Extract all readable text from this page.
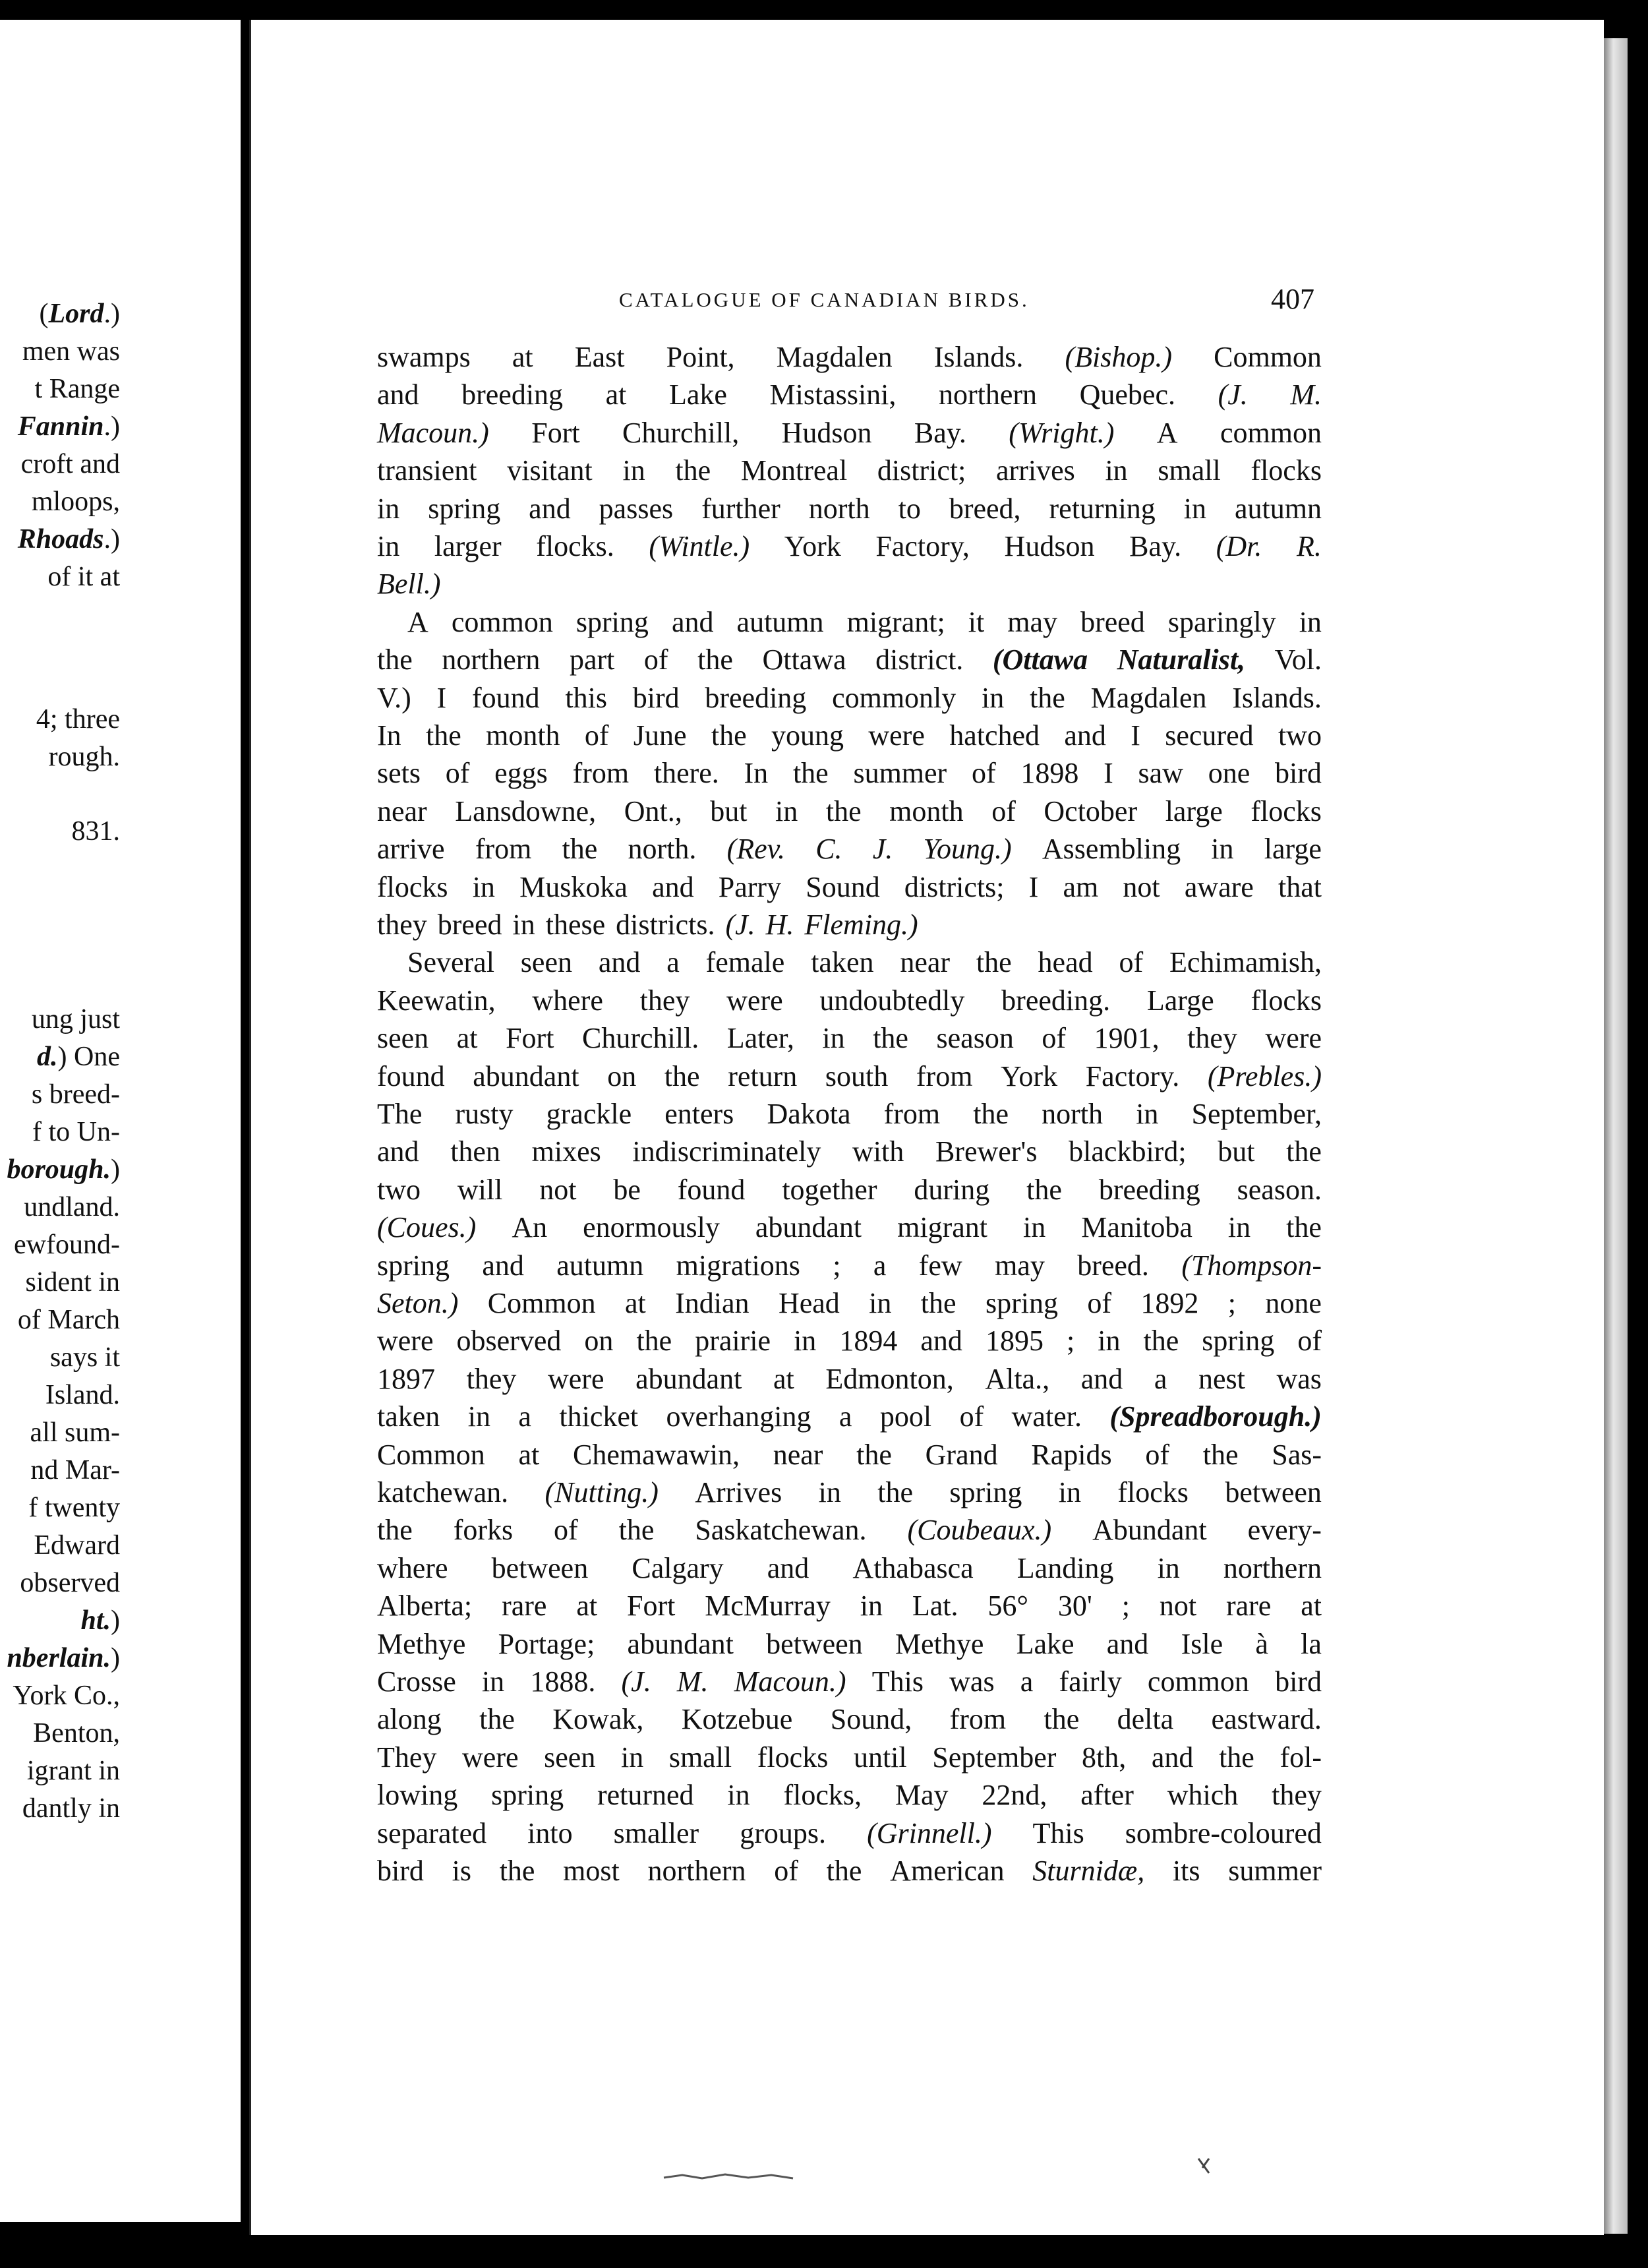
(Lord.)
men was
t Range
Fannin.)
croft and
mloops,
Rhoads.)
of it at
4; three
rough.
831.
ung just
d.) One
s breed-
f to Un-
borough.)
undland.
ewfound-
sident in
of March
says it
Island.
all sum-
nd Mar-
f twenty
Edward
observed
ht.)
nberlain.)
York Co.,
Benton,
igrant in
dantly in
CATALOGUE OF CANADIAN BIRDS.	407
swamps at East Point, Magdalen Islands. (Bishop.) Common
and breeding at Lake Mistassini, northern Quebec. (J. M.
Macoun.) Fort Churchill, Hudson Bay. (Wright.) A common
transient visitant in the Montreal district; arrives in small flocks
in spring and passes further north to breed, returning in autumn
in larger flocks. (Wintle.) York Factory, Hudson Bay. (Dr. R.
Bell.)
A common spring and autumn migrant; it may breed sparingly in
the northern part of the Ottawa district. (Ottawa Naturalist, Vol.
V.) I found this bird breeding commonly in the Magdalen Islands.
In the month of June the young were hatched and I secured two
sets of eggs from there. In the summer of 1898 I saw one bird
near Lansdowne, Ont., but in the month of October large flocks
arrive from the north. (Rev. C. J. Young.) Assembling in large
flocks in Muskoka and Parry Sound districts; I am not aware that
they breed in these districts. (J. H. Fleming.)
Several seen and a female taken near the head of Echimamish,
Keewatin, where they were undoubtedly breeding. Large flocks
seen at Fort Churchill. Later, in the season of 1901, they were
found abundant on the return south from York Factory. (Prebles.)
The rusty grackle enters Dakota from the north in September,
and then mixes indiscriminately with Brewer's blackbird; but the
two will not be found together during the breeding season.
(Coues.) An enormously abundant migrant in Manitoba in the
spring and autumn migrations ; a few may breed. (Thompson-
Seton.) Common at Indian Head in the spring of 1892 ; none
were observed on the prairie in 1894 and 1895 ; in the spring of
1897 they were abundant at Edmonton, Alta., and a nest was
taken in a thicket overhanging a pool of water. (Spreadborough.)
Common at Chemawawin, near the Grand Rapids of the Sas-
katchewan. (Nutting.) Arrives in the spring in flocks between
the forks of the Saskatchewan. (Coubeaux.) Abundant every-
where between Calgary and Athabasca Landing in northern
Alberta; rare at Fort McMurray in Lat. 56° 30' ; not rare at
Methye Portage; abundant between Methye Lake and Isle à la
Crosse in 1888. (J. M. Macoun.) This was a fairly common bird
along the Kowak, Kotzebue Sound, from the delta eastward.
They were seen in small flocks until September 8th, and the fol-
lowing spring returned in flocks, May 22nd, after which they
separated into smaller groups. (Grinnell.) This sombre-coloured
bird is the most northern of the American Sturnidæ, its summer
